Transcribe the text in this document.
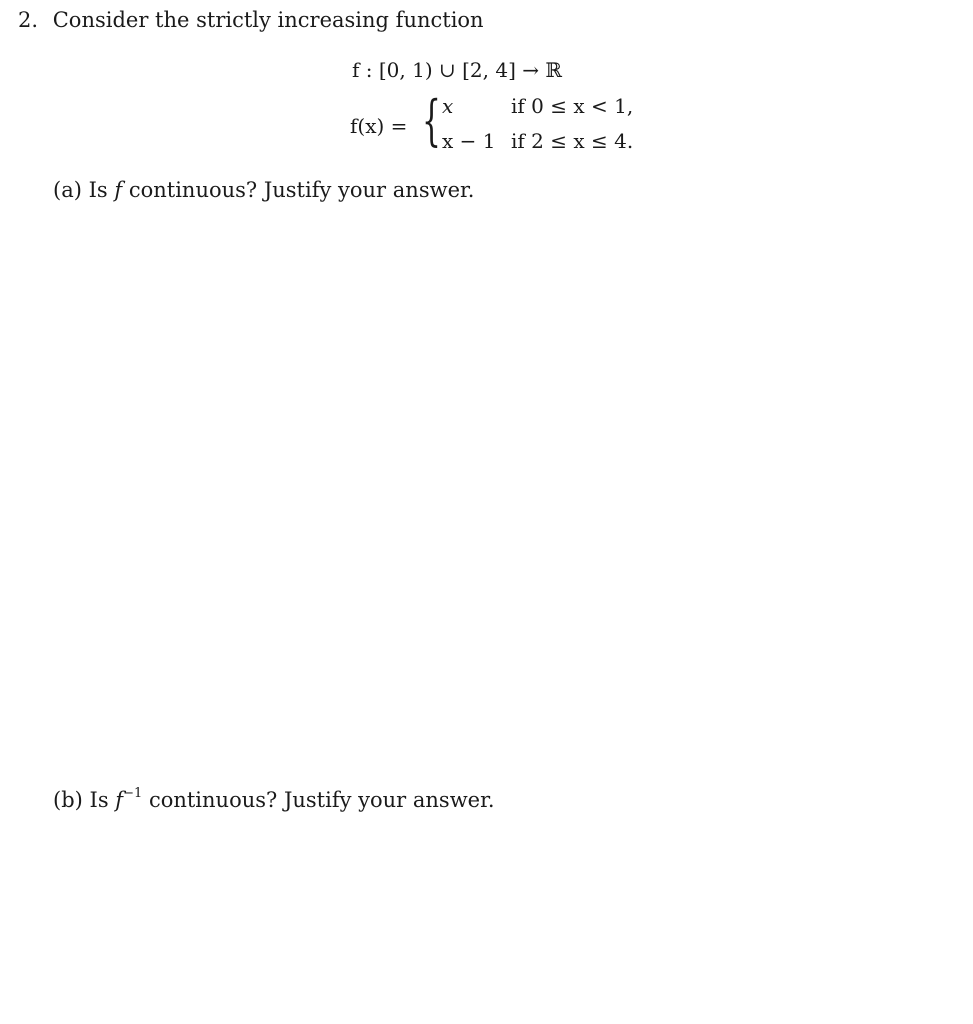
2. Consider the strictly increasing function
f : [0, 1) ∪ [2, 4] → ℝ
f(x) = { x	if 0 ≤ x < 1,
x − 1 if 2 ≤ x ≤ 4.
(a) Is f continuous? Justify your answer.
(b) Is $f^{-1}$ continuous? Justify your answer.
